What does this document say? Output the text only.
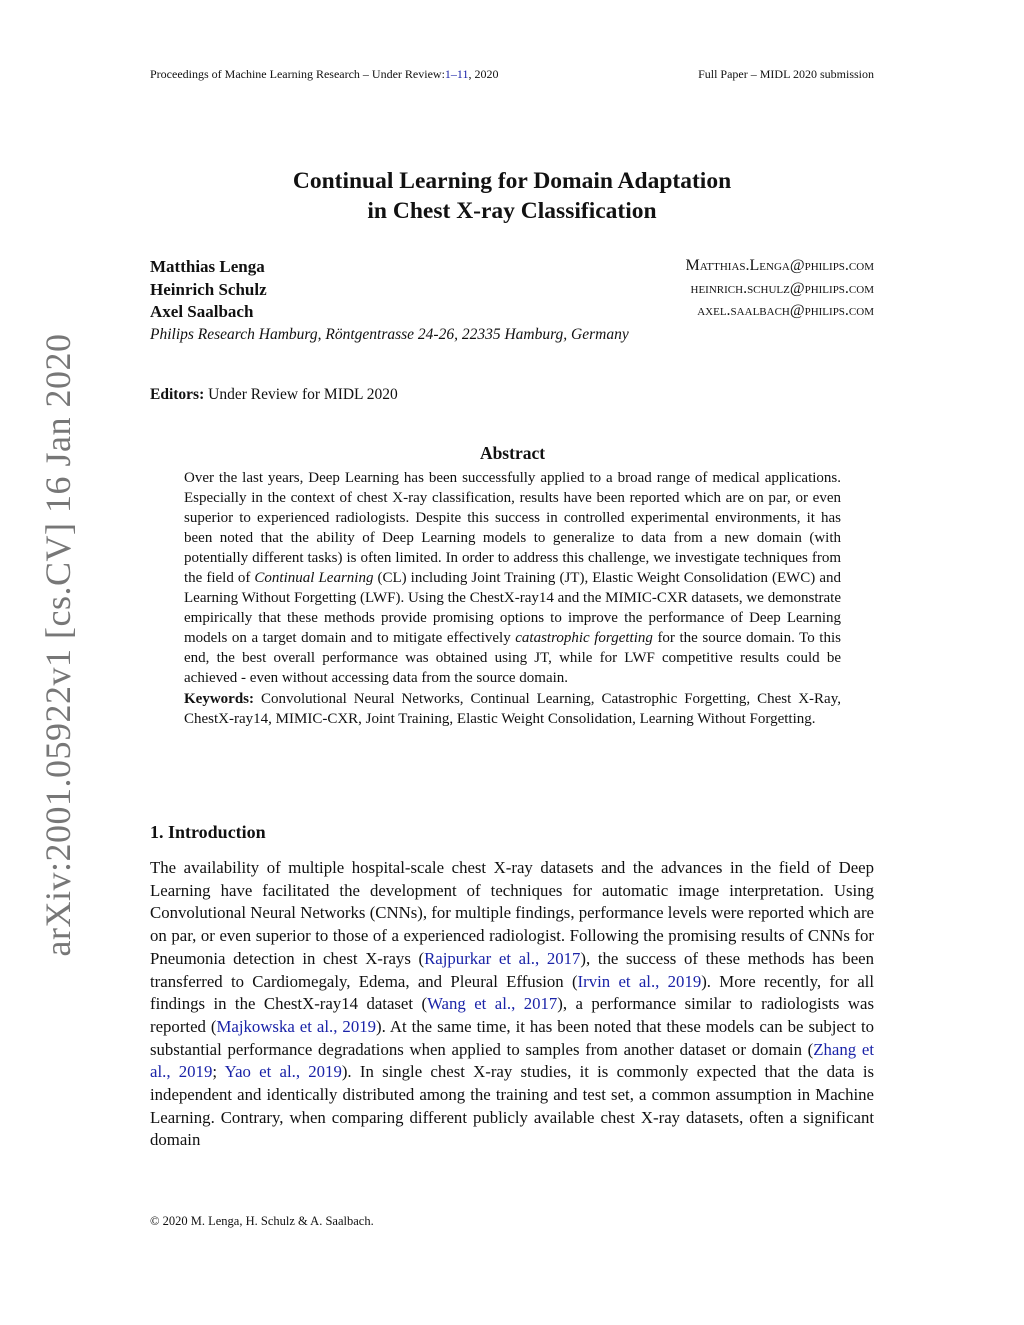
Proceedings of Machine Learning Research – Under Review:1–11, 2020	Full Paper – MIDL 2020 submission
arXiv:2001.05922v1 [cs.CV] 16 Jan 2020
Continual Learning for Domain Adaptation
in Chest X-ray Classification
Matthias Lenga	Matthias.Lenga@philips.com
Heinrich Schulz	heinrich.schulz@philips.com
Axel Saalbach	axel.saalbach@philips.com
Philips Research Hamburg, Röntgentrasse 24-26, 22335 Hamburg, Germany
Editors: Under Review for MIDL 2020
Abstract

Over the last years, Deep Learning has been successfully applied to a broad range of medical applications. Especially in the context of chest X-ray classification, results have been reported which are on par, or even superior to experienced radiologists. Despite this success in controlled experimental environments, it has been noted that the ability of Deep Learning models to generalize to data from a new domain (with potentially different tasks) is often limited. In order to address this challenge, we investigate techniques from the field of Continual Learning (CL) including Joint Training (JT), Elastic Weight Consolidation (EWC) and Learning Without Forgetting (LWF). Using the ChestX-ray14 and the MIMIC-CXR datasets, we demonstrate empirically that these methods provide promising options to improve the performance of Deep Learning models on a target domain and to mitigate effectively catastrophic forgetting for the source domain. To this end, the best overall performance was obtained using JT, while for LWF competitive results could be achieved - even without accessing data from the source domain.

Keywords: Convolutional Neural Networks, Continual Learning, Catastrophic Forgetting, Chest X-Ray, ChestX-ray14, MIMIC-CXR, Joint Training, Elastic Weight Consolidation, Learning Without Forgetting.

1. Introduction

The availability of multiple hospital-scale chest X-ray datasets and the advances in the field of Deep Learning have facilitated the development of techniques for automatic image interpretation. Using Convolutional Neural Networks (CNNs), for multiple findings, performance levels were reported which are on par, or even superior to those of a experienced radiologist. Following the promising results of CNNs for Pneumonia detection in chest X-rays (Rajpurkar et al., 2017), the success of these methods has been transferred to Cardiomegaly, Edema, and Pleural Effusion (Irvin et al., 2019). More recently, for all findings in the ChestX-ray14 dataset (Wang et al., 2017), a performance similar to radiologists was reported (Majkowska et al., 2019). At the same time, it has been noted that these models can be subject to substantial performance degradations when applied to samples from another dataset or domain (Zhang et al., 2019; Yao et al., 2019). In single chest X-ray studies, it is commonly expected that the data is independent and identically distributed among the training and test set, a common assumption in Machine Learning. Contrary, when comparing different publicly available chest X-ray datasets, often a significant domain

© 2020 M. Lenga, H. Schulz & A. Saalbach.
